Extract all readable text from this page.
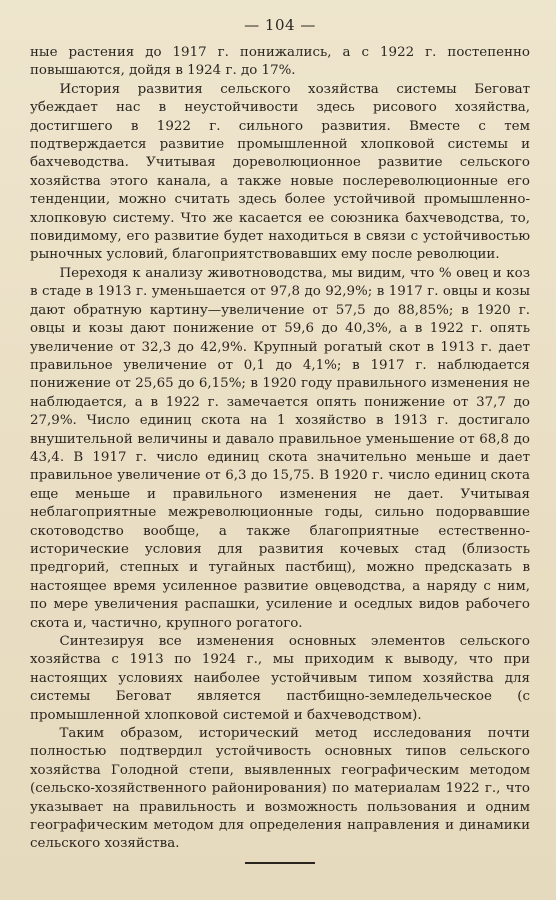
— 104 —

ные растения до 1917 г. понижались, а с 1922 г. постепенно повышаются, дойдя в 1924 г. до 17%.

История развития сельского хозяйства системы Беговат убеждает нас в неустойчивости здесь рисового хозяйства, достигшего в 1922 г. сильного развития. Вместе с тем подтверждается развитие промышленной хлопковой системы и бахчеводства. Учитывая дореволюционное развитие сельского хозяйства этого канала, а также новые послереволюционные его тенденции, можно считать здесь более устойчивой промышленно-хлопковую систему. Что же касается ее союзника бахчеводства, то, повидимому, его развитие будет находиться в связи с устойчивостью рыночных условий, благоприятствовавших ему после революции.

Переходя к анализу животноводства, мы видим, что % овец и коз в стаде в 1913 г. уменьшается от 97,8 до 92,9%; в 1917 г. овцы и козы дают обратную картину—увеличение от 57,5 до 88,85%; в 1920 г. овцы и козы дают понижение от 59,6 до 40,3%, а в 1922 г. опять увеличение от 32,3 до 42,9%. Крупный рогатый скот в 1913 г. дает правильное увеличение от 0,1 до 4,1%; в 1917 г. наблюдается понижение от 25,65 до 6,15%; в 1920 году правильного изменения не наблюдается, а в 1922 г. замечается опять понижение от 37,7 до 27,9%. Число единиц скота на 1 хозяйство в 1913 г. достигало внушительной величины и давало правильное уменьшение от 68,8 до 43,4. В 1917 г. число единиц скота значительно меньше и дает правильное увеличение от 6,3 до 15,75. В 1920 г. число единиц скота еще меньше и правильного изменения не дает. Учитывая неблагоприятные межреволюционные годы, сильно подорвавшие скотоводство вообще, а также благоприятные естественно-исторические условия для развития кочевых стад (близость предгорий, степных и тугайных пастбищ), можно предсказать в настоящее время усиленное развитие овцеводства, а наряду с ним, по мере увеличения распашки, усиление и оседлых видов рабочего скота и, частично, крупного рогатого.

Синтезируя все изменения основных элементов сельского хозяйства с 1913 по 1924 г., мы приходим к выводу, что при настоящих условиях наиболее устойчивым типом хозяйства для системы Беговат является пастбищно-земледельческое (с промышленной хлопковой системой и бахчеводством).

Таким образом, исторический метод исследования почти полностью подтвердил устойчивость основных типов сельского хозяйства Голодной степи, выявленных географическим методом (сельско-хозяйственного районирования) по материалам 1922 г., что указывает на правильность и возможность пользования и одним географическим методом для определения направления и динамики сельского хозяйства.
